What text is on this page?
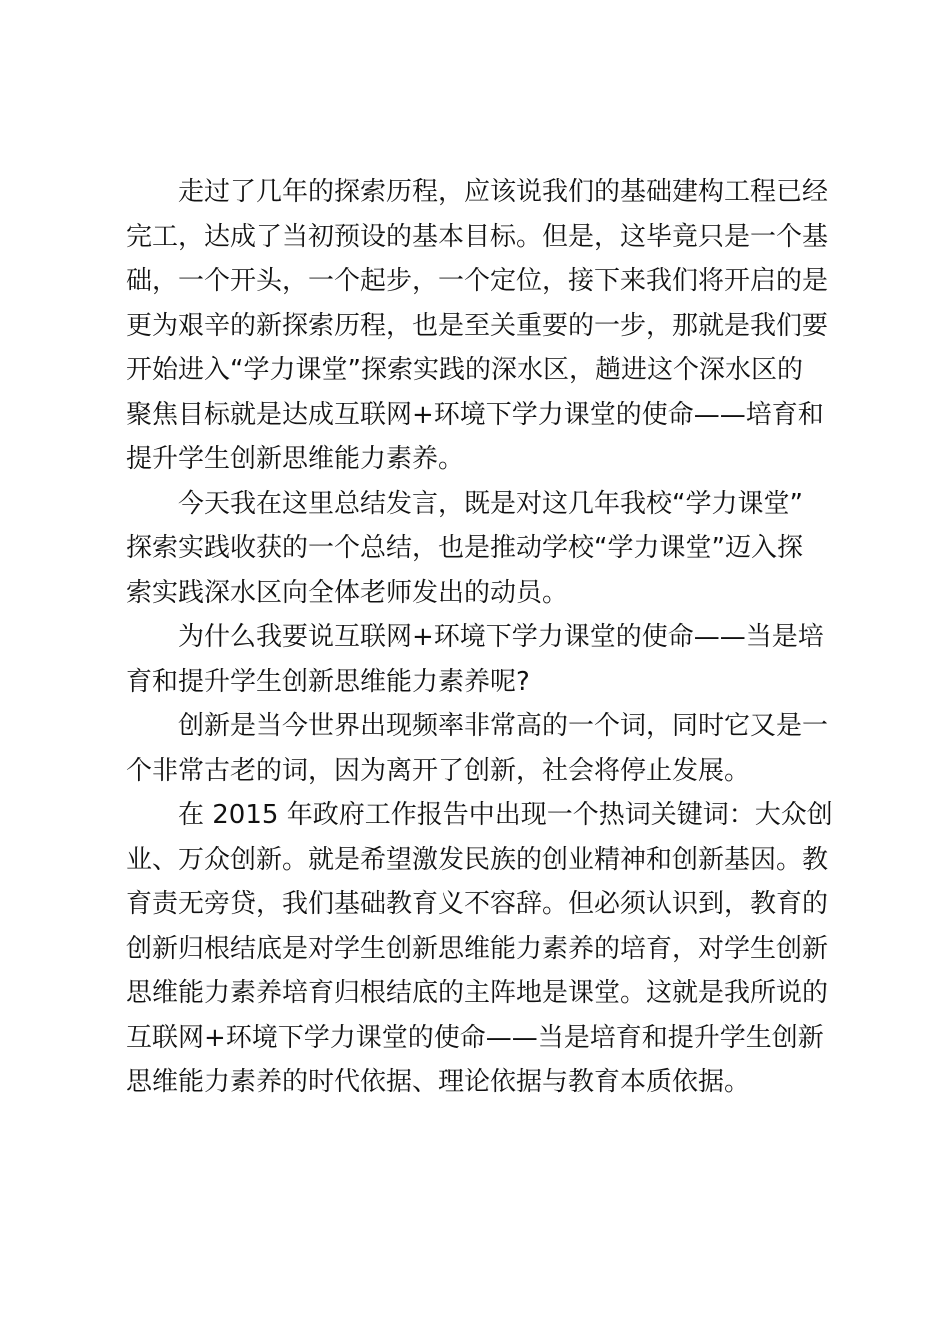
走过了几年的探索历程，应该说我们的基础建构工程已经
完工，达成了当初预设的基本目标。但是，这毕竟只是一个基
础，一个开头，一个起步，一个定位，接下来我们将开启的是
更为艰辛的新探索历程，也是至关重要的一步，那就是我们要
开始进入“学力课堂”探索实践的深水区，趟进这个深水区的
聚焦目标就是达成互联网+环境下学力课堂的使命——培育和
提升学生创新思维能力素养。
今天我在这里总结发言，既是对这几年我校“学力课堂”
探索实践收获的一个总结，也是推动学校“学力课堂”迈入探
索实践深水区向全体老师发出的动员。
为什么我要说互联网+环境下学力课堂的使命——当是培
育和提升学生创新思维能力素养呢?
创新是当今世界出现频率非常高的一个词，同时它又是一
个非常古老的词，因为离开了创新，社会将停止发展。
在 2015 年政府工作报告中出现一个热词关键词：大众创
业、万众创新。就是希望激发民族的创业精神和创新基因。教
育责无旁贷，我们基础教育义不容辞。但必须认识到，教育的
创新归根结底是对学生创新思维能力素养的培育，对学生创新
思维能力素养培育归根结底的主阵地是课堂。这就是我所说的
互联网+环境下学力课堂的使命——当是培育和提升学生创新
思维能力素养的时代依据、理论依据与教育本质依据。
